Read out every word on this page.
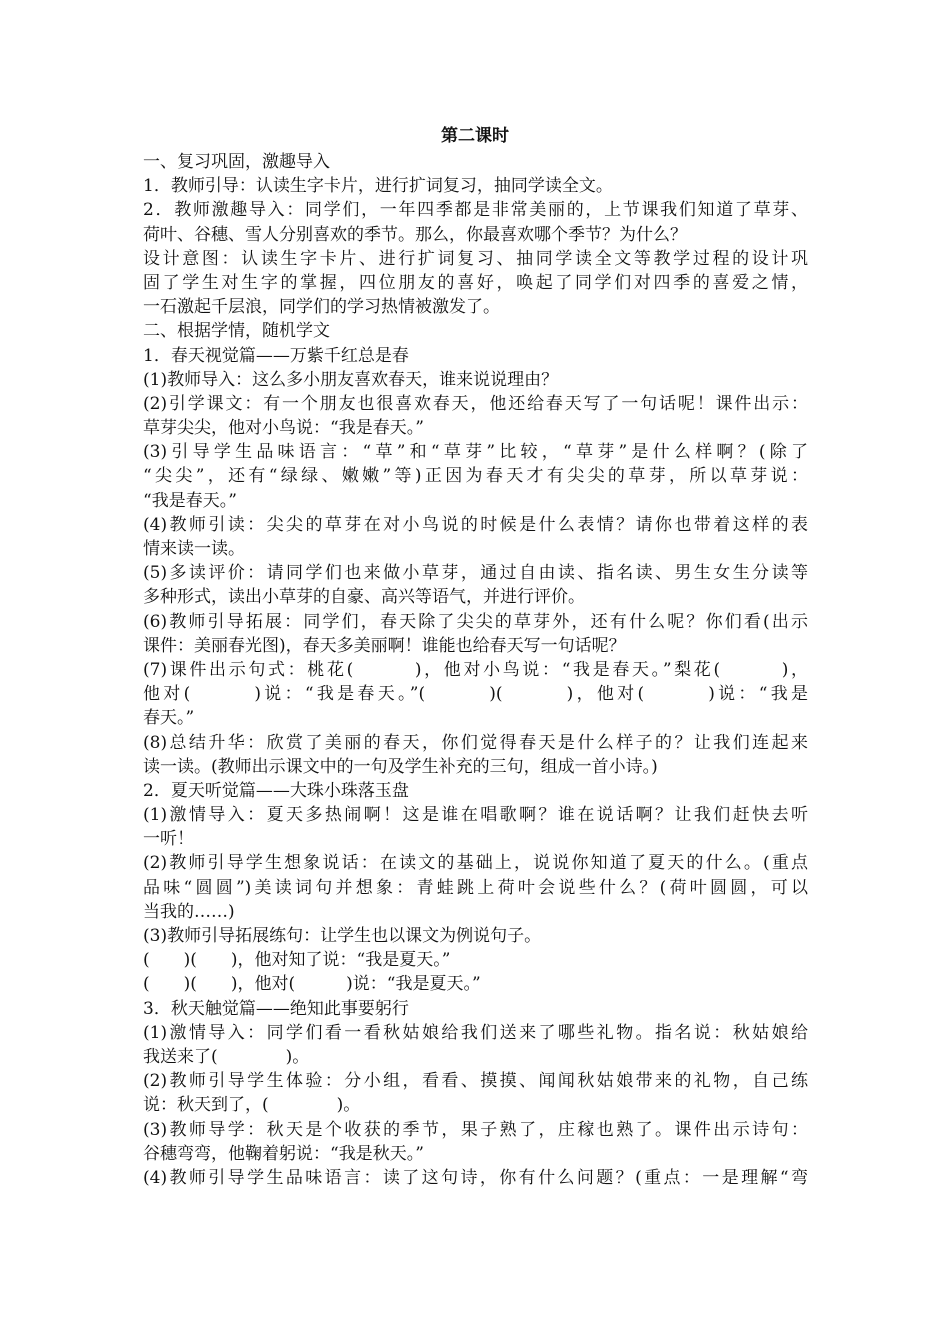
第二课时
一、复习巩固，激趣导入
1．教师引导：认读生字卡片，进行扩词复习，抽同学读全文。
2．教师激趣导入：同学们，一年四季都是非常美丽的，上节课我们知道了草芽、
荷叶、谷穗、雪人分别喜欢的季节。那么，你最喜欢哪个季节？为什么？
设计意图：认读生字卡片、进行扩词复习、抽同学读全文等教学过程的设计巩
固了学生对生字的掌握，四位朋友的喜好，唤起了同学们对四季的喜爱之情，
一石激起千层浪，同学们的学习热情被激发了。
二、根据学情，随机学文
1．春天视觉篇——万紫千红总是春
(1)教师导入：这么多小朋友喜欢春天，谁来说说理由？
(2)引学课文：有一个朋友也很喜欢春天，他还给春天写了一句话呢！课件出示：
草芽尖尖，他对小鸟说：“我是春天。”
(3)引导学生品味语言：“草”和“草芽”比较，“草芽”是什么样啊？(除了
“尖尖”，还有“绿绿、嫩嫩”等)正因为春天才有尖尖的草芽，所以草芽说：
“我是春天。”
(4)教师引读：尖尖的草芽在对小鸟说的时候是什么表情？请你也带着这样的表
情来读一读。
(5)多读评价：请同学们也来做小草芽，通过自由读、指名读、男生女生分读等
多种形式，读出小草芽的自豪、高兴等语气，并进行评价。
(6)教师引导拓展：同学们，春天除了尖尖的草芽外，还有什么呢？你们看(出示
课件：美丽春光图)，春天多美丽啊！谁能也给春天写一句话呢？
(7)课件出示句式：桃花(　　　)，他对小鸟说：“我是春天。”梨花(　　　)，
他对(　　　)说：“我是春天。”(　　　)(　　　)，他对(　　　)说：“我是
春天。”
(8)总结升华：欣赏了美丽的春天，你们觉得春天是什么样子的？让我们连起来
读一读。(教师出示课文中的一句及学生补充的三句，组成一首小诗。)
2．夏天听觉篇——大珠小珠落玉盘
(1)激情导入：夏天多热闹啊！这是谁在唱歌啊？谁在说话啊？让我们赶快去听
一听！
(2)教师引导学生想象说话：在读文的基础上，说说你知道了夏天的什么。(重点
品味“圆圆”)美读词句并想象：青蛙跳上荷叶会说些什么？(荷叶圆圆，可以
当我的……)
(3)教师引导拓展练句：让学生也以课文为例说句子。
(　　)(　　)，他对知了说：“我是夏天。”
(　　)(　　)，他对(　　　)说：“我是夏天。”
3．秋天触觉篇——绝知此事要躬行
(1)激情导入：同学们看一看秋姑娘给我们送来了哪些礼物。指名说：秋姑娘给
我送来了(　　　　)。
(2)教师引导学生体验：分小组，看看、摸摸、闻闻秋姑娘带来的礼物，自己练
说：秋天到了，(　　　　)。
(3)教师导学：秋天是个收获的季节，果子熟了，庄稼也熟了。课件出示诗句：
谷穗弯弯，他鞠着躬说：“我是秋天。”
(4)教师引导学生品味语言：读了这句诗，你有什么问题？(重点：一是理解“弯
